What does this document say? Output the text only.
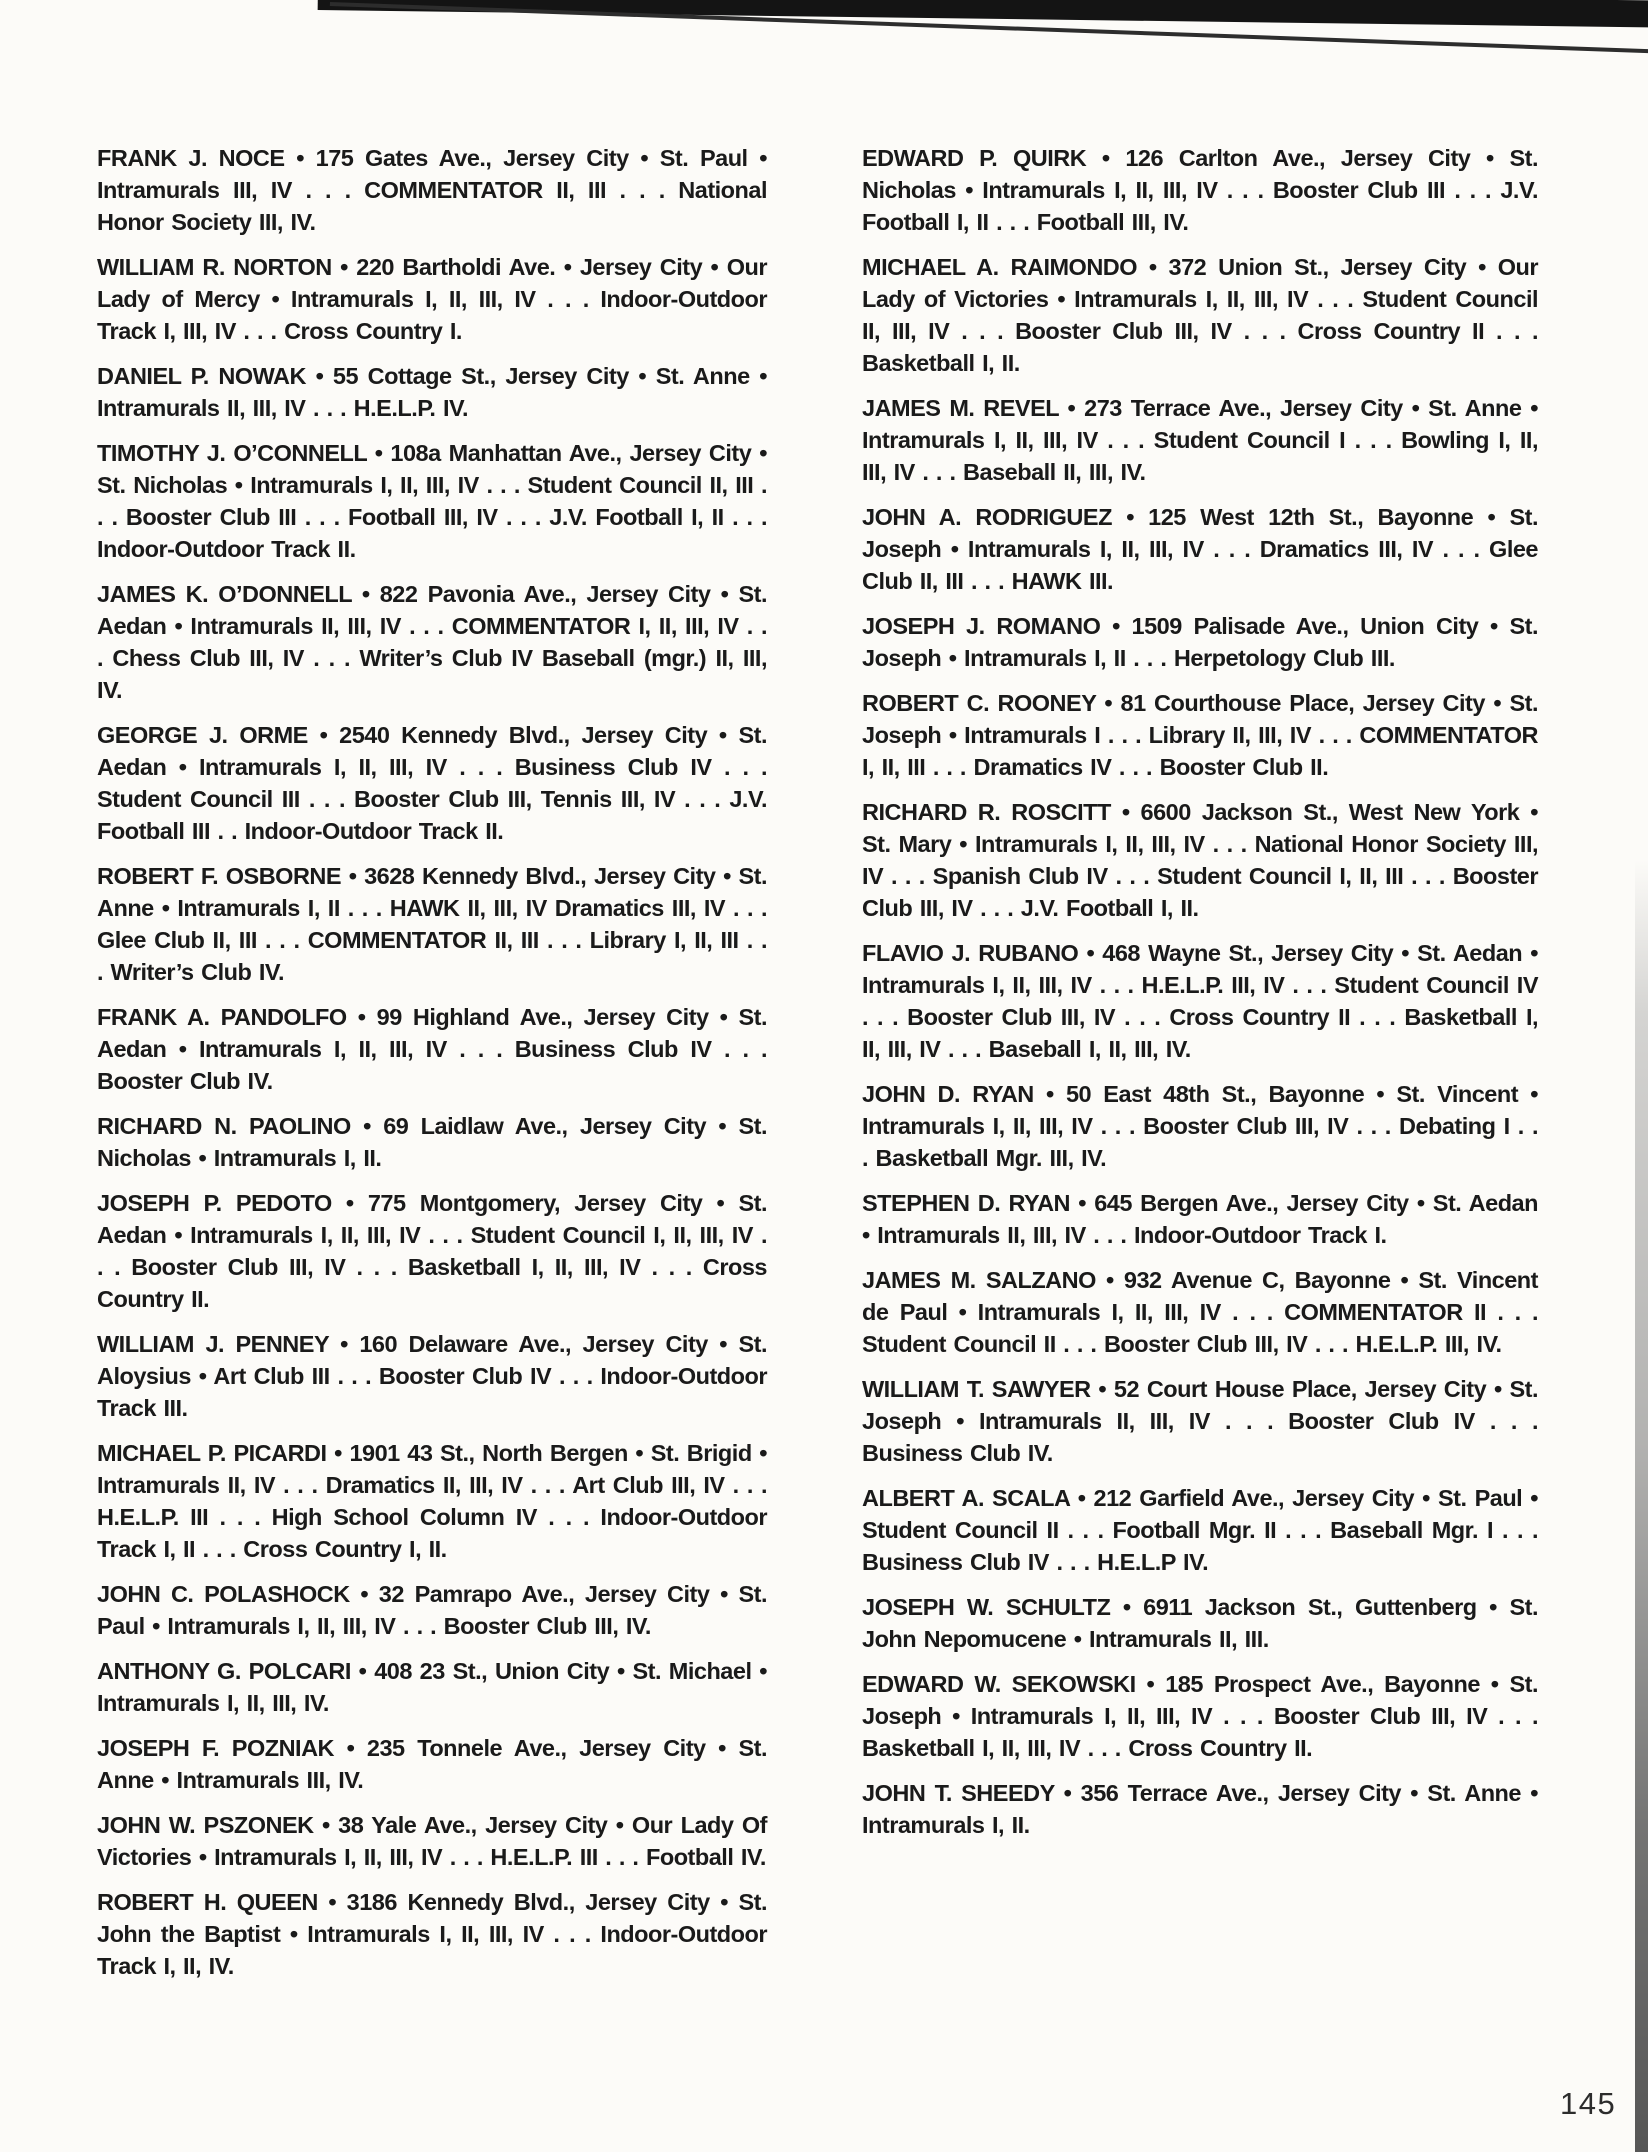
FRANK J. NOCE • 175 Gates Ave., Jersey City • St. Paul • Intramurals III, IV . . . COMMENTATOR II, III . . . National Honor Society III, IV.

WILLIAM R. NORTON • 220 Bartholdi Ave. • Jersey City • Our Lady of Mercy • Intramurals I, II, III, IV . . . Indoor-Outdoor Track I, III, IV . . . Cross Country I.

DANIEL P. NOWAK • 55 Cottage St., Jersey City • St. Anne • Intramurals II, III, IV . . . H.E.L.P. IV.

TIMOTHY J. O’CONNELL • 108a Manhattan Ave., Jersey City • St. Nicholas • Intramurals I, II, III, IV . . . Student Council II, III . . . Booster Club III . . . Football III, IV . . . J.V. Football I, II . . . Indoor-Outdoor Track II.

JAMES K. O’DONNELL • 822 Pavonia Ave., Jersey City • St. Aedan • Intramurals II, III, IV . . . COMMENTATOR I, II, III, IV . . . Chess Club III, IV . . . Writer’s Club IV Baseball (mgr.) II, III, IV.

GEORGE J. ORME • 2540 Kennedy Blvd., Jersey City • St. Aedan • Intramurals I, II, III, IV . . . Business Club IV . . . Student Council III . . . Booster Club III, Tennis III, IV . . . J.V. Football III . . Indoor-Outdoor Track II.

ROBERT F. OSBORNE • 3628 Kennedy Blvd., Jersey City • St. Anne • Intramurals I, II . . . HAWK II, III, IV Dramatics III, IV . . . Glee Club II, III . . . COMMENTATOR II, III . . . Library I, II, III . . . Writer’s Club IV.

FRANK A. PANDOLFO • 99 Highland Ave., Jersey City • St. Aedan • Intramurals I, II, III, IV . . . Business Club IV . . . Booster Club IV.

RICHARD N. PAOLINO • 69 Laidlaw Ave., Jersey City • St. Nicholas • Intramurals I, II.

JOSEPH P. PEDOTO • 775 Montgomery, Jersey City • St. Aedan • Intramurals I, II, III, IV . . . Student Council I, II, III, IV . . . Booster Club III, IV . . . Basketball I, II, III, IV . . . Cross Country II.

WILLIAM J. PENNEY • 160 Delaware Ave., Jersey City • St. Aloysius • Art Club III . . . Booster Club IV . . . Indoor-Outdoor Track III.

MICHAEL P. PICARDI • 1901 43 St., North Bergen • St. Brigid • Intramurals II, IV . . . Dramatics II, III, IV . . . Art Club III, IV . . . H.E.L.P. III . . . High School Column IV . . . Indoor-Outdoor Track I, II . . . Cross Country I, II.

JOHN C. POLASHOCK • 32 Pamrapo Ave., Jersey City • St. Paul • Intramurals I, II, III, IV . . . Booster Club III, IV.

ANTHONY G. POLCARI • 408 23 St., Union City • St. Michael • Intramurals I, II, III, IV.

JOSEPH F. POZNIAK • 235 Tonnele Ave., Jersey City • St. Anne • Intramurals III, IV.

JOHN W. PSZONEK • 38 Yale Ave., Jersey City • Our Lady Of Victories • Intramurals I, II, III, IV . . . H.E.L.P. III . . . Football IV.

ROBERT H. QUEEN • 3186 Kennedy Blvd., Jersey City • St. John the Baptist • Intramurals I, II, III, IV . . . Indoor-Outdoor Track I, II, IV.

EDWARD P. QUIRK • 126 Carlton Ave., Jersey City • St. Nicholas • Intramurals I, II, III, IV . . . Booster Club III . . . J.V. Football I, II . . . Football III, IV.

MICHAEL A. RAIMONDO • 372 Union St., Jersey City • Our Lady of Victories • Intramurals I, II, III, IV . . . Student Council II, III, IV . . . Booster Club III, IV . . . Cross Country II . . . Basketball I, II.

JAMES M. REVEL • 273 Terrace Ave., Jersey City • St. Anne • Intramurals I, II, III, IV . . . Student Council I . . . Bowling I, II, III, IV . . . Baseball II, III, IV.

JOHN A. RODRIGUEZ • 125 West 12th St., Bayonne • St. Joseph • Intramurals I, II, III, IV . . . Dramatics III, IV . . . Glee Club II, III . . . HAWK III.

JOSEPH J. ROMANO • 1509 Palisade Ave., Union City • St. Joseph • Intramurals I, II . . . Herpetology Club III.

ROBERT C. ROONEY • 81 Courthouse Place, Jersey City • St. Joseph • Intramurals I . . . Library II, III, IV . . . COMMENTATOR I, II, III . . . Dramatics IV . . . Booster Club II.

RICHARD R. ROSCITT • 6600 Jackson St., West New York • St. Mary • Intramurals I, II, III, IV . . . National Honor Society III, IV . . . Spanish Club IV . . . Student Council I, II, III . . . Booster Club III, IV . . . J.V. Football I, II.

FLAVIO J. RUBANO • 468 Wayne St., Jersey City • St. Aedan • Intramurals I, II, III, IV . . . H.E.L.P. III, IV . . . Student Council IV . . . Booster Club III, IV . . . Cross Country II . . . Basketball I, II, III, IV . . . Baseball I, II, III, IV.

JOHN D. RYAN • 50 East 48th St., Bayonne • St. Vincent • Intramurals I, II, III, IV . . . Booster Club III, IV . . . Debating I . . . Basketball Mgr. III, IV.

STEPHEN D. RYAN • 645 Bergen Ave., Jersey City • St. Aedan • Intramurals II, III, IV . . . Indoor-Outdoor Track I.

JAMES M. SALZANO • 932 Avenue C, Bayonne • St. Vincent de Paul • Intramurals I, II, III, IV . . . COMMENTATOR II . . . Student Council II . . . Booster Club III, IV . . . H.E.L.P. III, IV.

WILLIAM T. SAWYER • 52 Court House Place, Jersey City • St. Joseph • Intramurals II, III, IV . . . Booster Club IV . . . Business Club IV.

ALBERT A. SCALA • 212 Garfield Ave., Jersey City • St. Paul • Student Council II . . . Football Mgr. II . . . Baseball Mgr. I . . . Business Club IV . . . H.E.L.P IV.

JOSEPH W. SCHULTZ • 6911 Jackson St., Guttenberg • St. John Nepomucene • Intramurals II, III.

EDWARD W. SEKOWSKI • 185 Prospect Ave., Bayonne • St. Joseph • Intramurals I, II, III, IV . . . Booster Club III, IV . . . Basketball I, II, III, IV . . . Cross Country II.

JOHN T. SHEEDY • 356 Terrace Ave., Jersey City • St. Anne • Intramurals I, II.

145
